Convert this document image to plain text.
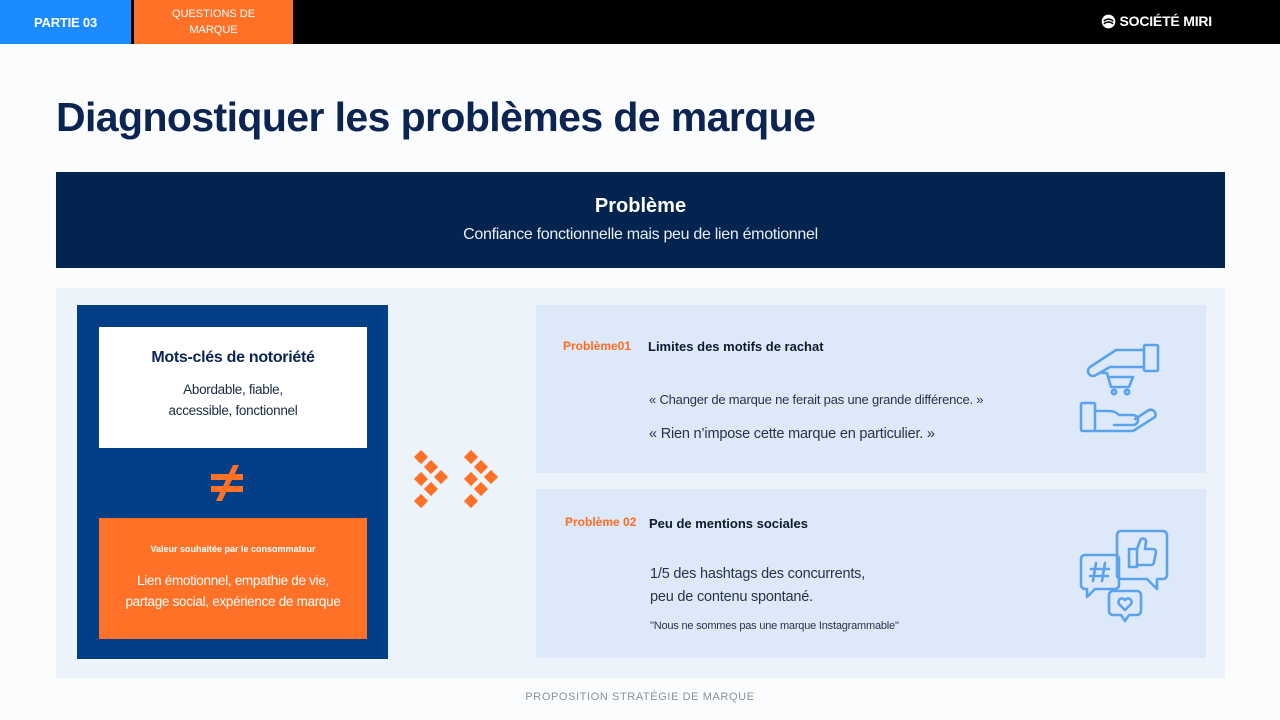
PARTIE 03
QUESTIONS DE MARQUE
SOCIÉTÉ MIRI
Diagnostiquer les problèmes de marque
Problème
Confiance fonctionnelle mais peu de lien émotionnel
Mots-clés de notoriété
Abordable, fiable,
accessible, fonctionnel
Valeur souhaitée par le consommateur
Lien émotionnel, empathie de vie,
partage social, expérience de marque
Problème01 Limites des motifs de rachat
« Changer de marque ne ferait pas une grande différence. »
« Rien n’impose cette marque en particulier. »
Problème 02 Peu de mentions sociales
1/5 des hashtags des concurrents,
peu de contenu spontané.
"Nous ne sommes pas une marque Instagrammable"
PROPOSITION STRATÉGIE DE MARQUE
